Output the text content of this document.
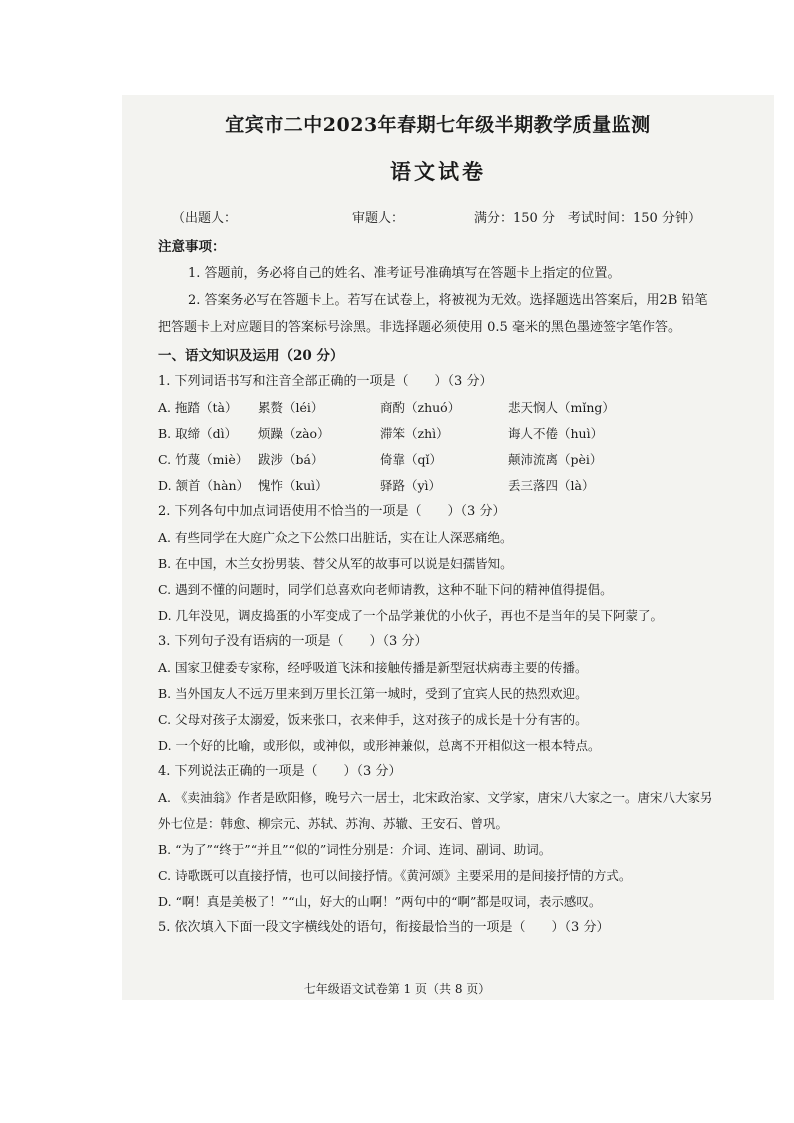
宜宾市二中2023年春期七年级半期教学质量监测
语文试卷
（出题人：	审题人：	满分：150 分 考试时间：150 分钟）
注意事项：
1. 答题前，务必将自己的姓名、准考证号准确填写在答题卡上指定的位置。
2. 答案务必写在答题卡上。若写在试卷上，将被视为无效。选择题选出答案后，用2B 铅笔把答题卡上对应题目的答案标号涂黑。非选择题必须使用 0.5 毫米的黑色墨迹签字笔作答。
一、语文知识及运用（20 分）
1. 下列词语书写和注音全部正确的一项是（　　）（3 分）
A. 拖踏（tà）	累赘（léi）	商酌（zhuó）	悲天悯人（mǐng）
B. 取缔（dì）	烦躁（zào）	滞笨（zhì）	诲人不倦（huì）
C. 竹蔑（miè） 跋涉（bá）	倚靠（qǐ）	颠沛流离（pèi）
D. 颔首（hàn） 愧怍（kuì）	驿路（yì）	丢三落四（là）
2. 下列各句中加点词语使用不恰当的一项是（　　）（3 分）
A. 有些同学在大庭广众之下公然口出脏话，实在让人深恶痛绝。
B. 在中国，木兰女扮男装、替父从军的故事可以说是妇孺皆知。
C. 遇到不懂的问题时，同学们总喜欢向老师请教，这种不耻下问的精神值得提倡。
D. 几年没见，调皮捣蛋的小军变成了一个品学兼优的小伙子，再也不是当年的吴下阿蒙了。
3. 下列句子没有语病的一项是（　　）（3 分）
A. 国家卫健委专家称，经呼吸道飞沫和接触传播是新型冠状病毒主要的传播。
B. 当外国友人不远万里来到万里长江第一城时，受到了宜宾人民的热烈欢迎。
C. 父母对孩子太溺爱，饭来张口，衣来伸手，这对孩子的成长是十分有害的。
D. 一个好的比喻，或形似，或神似，或形神兼似，总离不开相似这一根本特点。
4. 下列说法正确的一项是（　　）（3 分）
A. 《卖油翁》作者是欧阳修，晚号六一居士，北宋政治家、文学家，唐宋八大家之一。唐宋八大家另外七位是：韩愈、柳宗元、苏轼、苏洵、苏辙、王安石、曾巩。
B. “为了”“终于”“并且”“似的”词性分别是：介词、连词、副词、助词。
C. 诗歌既可以直接抒情，也可以间接抒情。《黄河颂》主要采用的是间接抒情的方式。
D. “啊！真是美极了！”“山，好大的山啊！”两句中的“啊”都是叹词，表示感叹。
5. 依次填入下面一段文字横线处的语句，衔接最恰当的一项是（　　）（3 分）
七年级语文试卷第 1 页（共 8 页）
